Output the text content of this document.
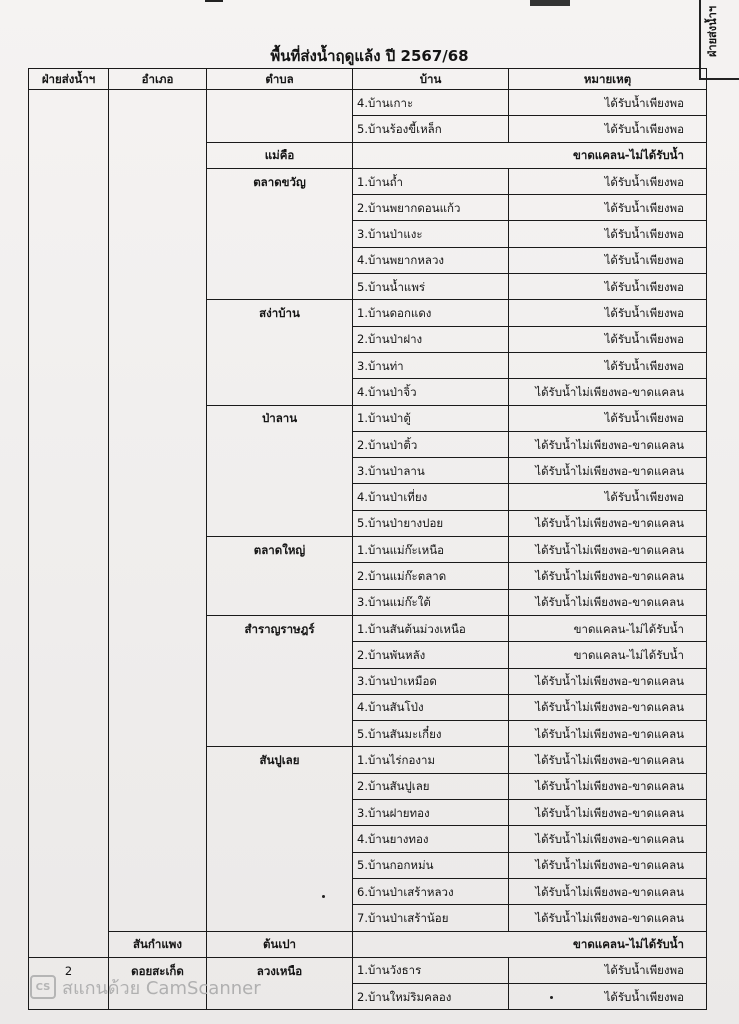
ฝ่ายส่งน้ำฯ
พื้นที่ส่งน้ำฤดูแล้ง ปี 2567/68
ฝ่ายส่งน้ำฯ	อำเภอ	ตำบล	บ้าน	หมายเหตุ
			4.บ้านเกาะ	ได้รับน้ำเพียงพอ
			5.บ้านร้องขี้เหล็ก	ได้รับน้ำเพียงพอ
		แม่คือ		ขาดแคลน-ไม่ได้รับน้ำ
		ตลาดขวัญ	1.บ้านถ้ำ	ได้รับน้ำเพียงพอ
			2.บ้านพยากดอนแก้ว	ได้รับน้ำเพียงพอ
			3.บ้านป่าแงะ	ได้รับน้ำเพียงพอ
			4.บ้านพยากหลวง	ได้รับน้ำเพียงพอ
			5.บ้านน้ำแพร่	ได้รับน้ำเพียงพอ
		สง่าบ้าน	1.บ้านดอกแดง	ได้รับน้ำเพียงพอ
			2.บ้านป่าฝาง	ได้รับน้ำเพียงพอ
			3.บ้านท่า	ได้รับน้ำเพียงพอ
			4.บ้านป่าจิ้ว	ได้รับน้ำไม่เพียงพอ-ขาดแคลน
		ป่าลาน	1.บ้านป่าตู้	ได้รับน้ำเพียงพอ
			2.บ้านป่าติ้ว	ได้รับน้ำไม่เพียงพอ-ขาดแคลน
			3.บ้านป่าลาน	ได้รับน้ำไม่เพียงพอ-ขาดแคลน
			4.บ้านป่าเที่ยง	ได้รับน้ำเพียงพอ
			5.บ้านป่ายางปอย	ได้รับน้ำไม่เพียงพอ-ขาดแคลน
		ตลาดใหญ่	1.บ้านแม่ก๊ะเหนือ	ได้รับน้ำไม่เพียงพอ-ขาดแคลน
			2.บ้านแม่ก๊ะตลาด	ได้รับน้ำไม่เพียงพอ-ขาดแคลน
			3.บ้านแม่ก๊ะใต้	ได้รับน้ำไม่เพียงพอ-ขาดแคลน
		สำราญราษฎร์	1.บ้านสันต้นม่วงเหนือ	ขาดแคลน-ไม่ได้รับน้ำ
			2.บ้านพันหลัง	ขาดแคลน-ไม่ได้รับน้ำ
			3.บ้านป่าเหมือด	ได้รับน้ำไม่เพียงพอ-ขาดแคลน
			4.บ้านสันโป่ง	ได้รับน้ำไม่เพียงพอ-ขาดแคลน
			5.บ้านสันมะเกี๋ยง	ได้รับน้ำไม่เพียงพอ-ขาดแคลน
		สันปูเลย	1.บ้านไร่กองาม	ได้รับน้ำไม่เพียงพอ-ขาดแคลน
			2.บ้านสันปูเลย	ได้รับน้ำไม่เพียงพอ-ขาดแคลน
			3.บ้านฝายทอง	ได้รับน้ำไม่เพียงพอ-ขาดแคลน
			4.บ้านยางทอง	ได้รับน้ำไม่เพียงพอ-ขาดแคลน
			5.บ้านกอกหม่น	ได้รับน้ำไม่เพียงพอ-ขาดแคลน
			6.บ้านป่าเสร้าหลวง	ได้รับน้ำไม่เพียงพอ-ขาดแคลน
			7.บ้านป่าเสร้าน้อย	ได้รับน้ำไม่เพียงพอ-ขาดแคลน
	สันกำแพง	ต้นเปา		ขาดแคลน-ไม่ได้รับน้ำ
2	ดอยสะเก็ด	ลวงเหนือ	1.บ้านวังธาร	ได้รับน้ำเพียงพอ
			2.บ้านใหม่ริมคลอง	ได้รับน้ำเพียงพอ
CS สแกนด้วย CamScanner
